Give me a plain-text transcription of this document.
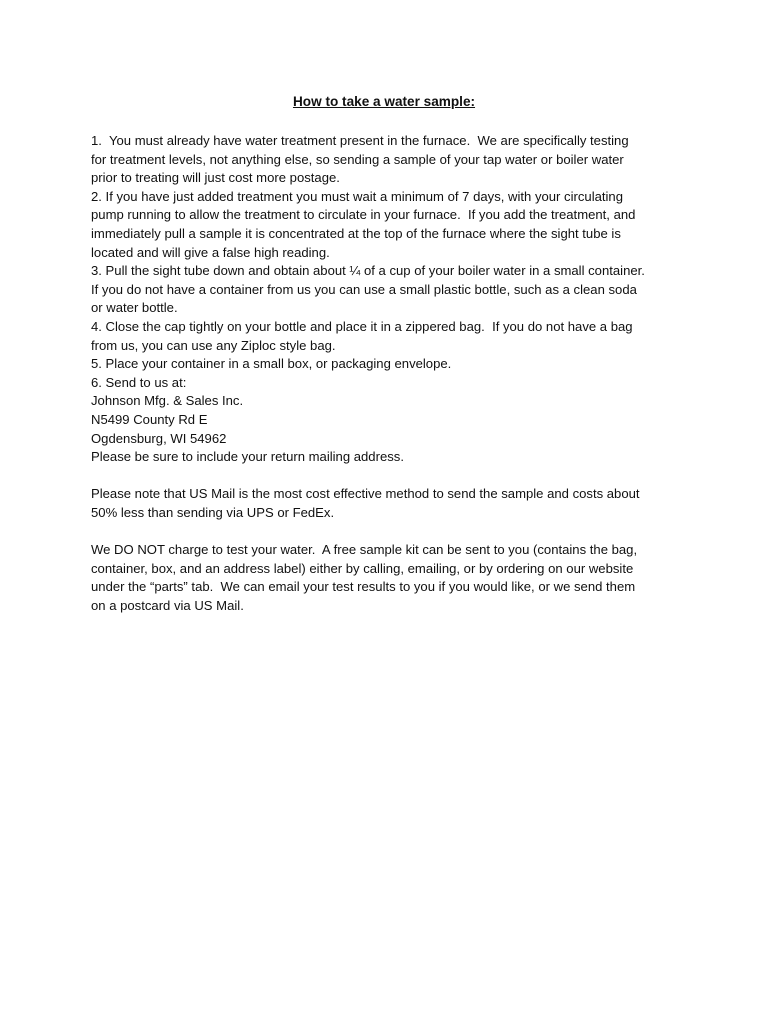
How to take a water sample:
1.  You must already have water treatment present in the furnace.  We are specifically testing
for treatment levels, not anything else, so sending a sample of your tap water or boiler water
prior to treating will just cost more postage.
2. If you have just added treatment you must wait a minimum of 7 days, with your circulating
pump running to allow the treatment to circulate in your furnace.  If you add the treatment, and
immediately pull a sample it is concentrated at the top of the furnace where the sight tube is
located and will give a false high reading.
3. Pull the sight tube down and obtain about ¼ of a cup of your boiler water in a small container.
If you do not have a container from us you can use a small plastic bottle, such as a clean soda
or water bottle.
4. Close the cap tightly on your bottle and place it in a zippered bag.  If you do not have a bag
from us, you can use any Ziploc style bag.
5. Place your container in a small box, or packaging envelope.
6. Send to us at:
Johnson Mfg. & Sales Inc.
N5499 County Rd E
Ogdensburg, WI 54962
Please be sure to include your return mailing address.
Please note that US Mail is the most cost effective method to send the sample and costs about
50% less than sending via UPS or FedEx.
We DO NOT charge to test your water.  A free sample kit can be sent to you (contains the bag,
container, box, and an address label) either by calling, emailing, or by ordering on our website
under the “parts” tab.  We can email your test results to you if you would like, or we send them
on a postcard via US Mail.
